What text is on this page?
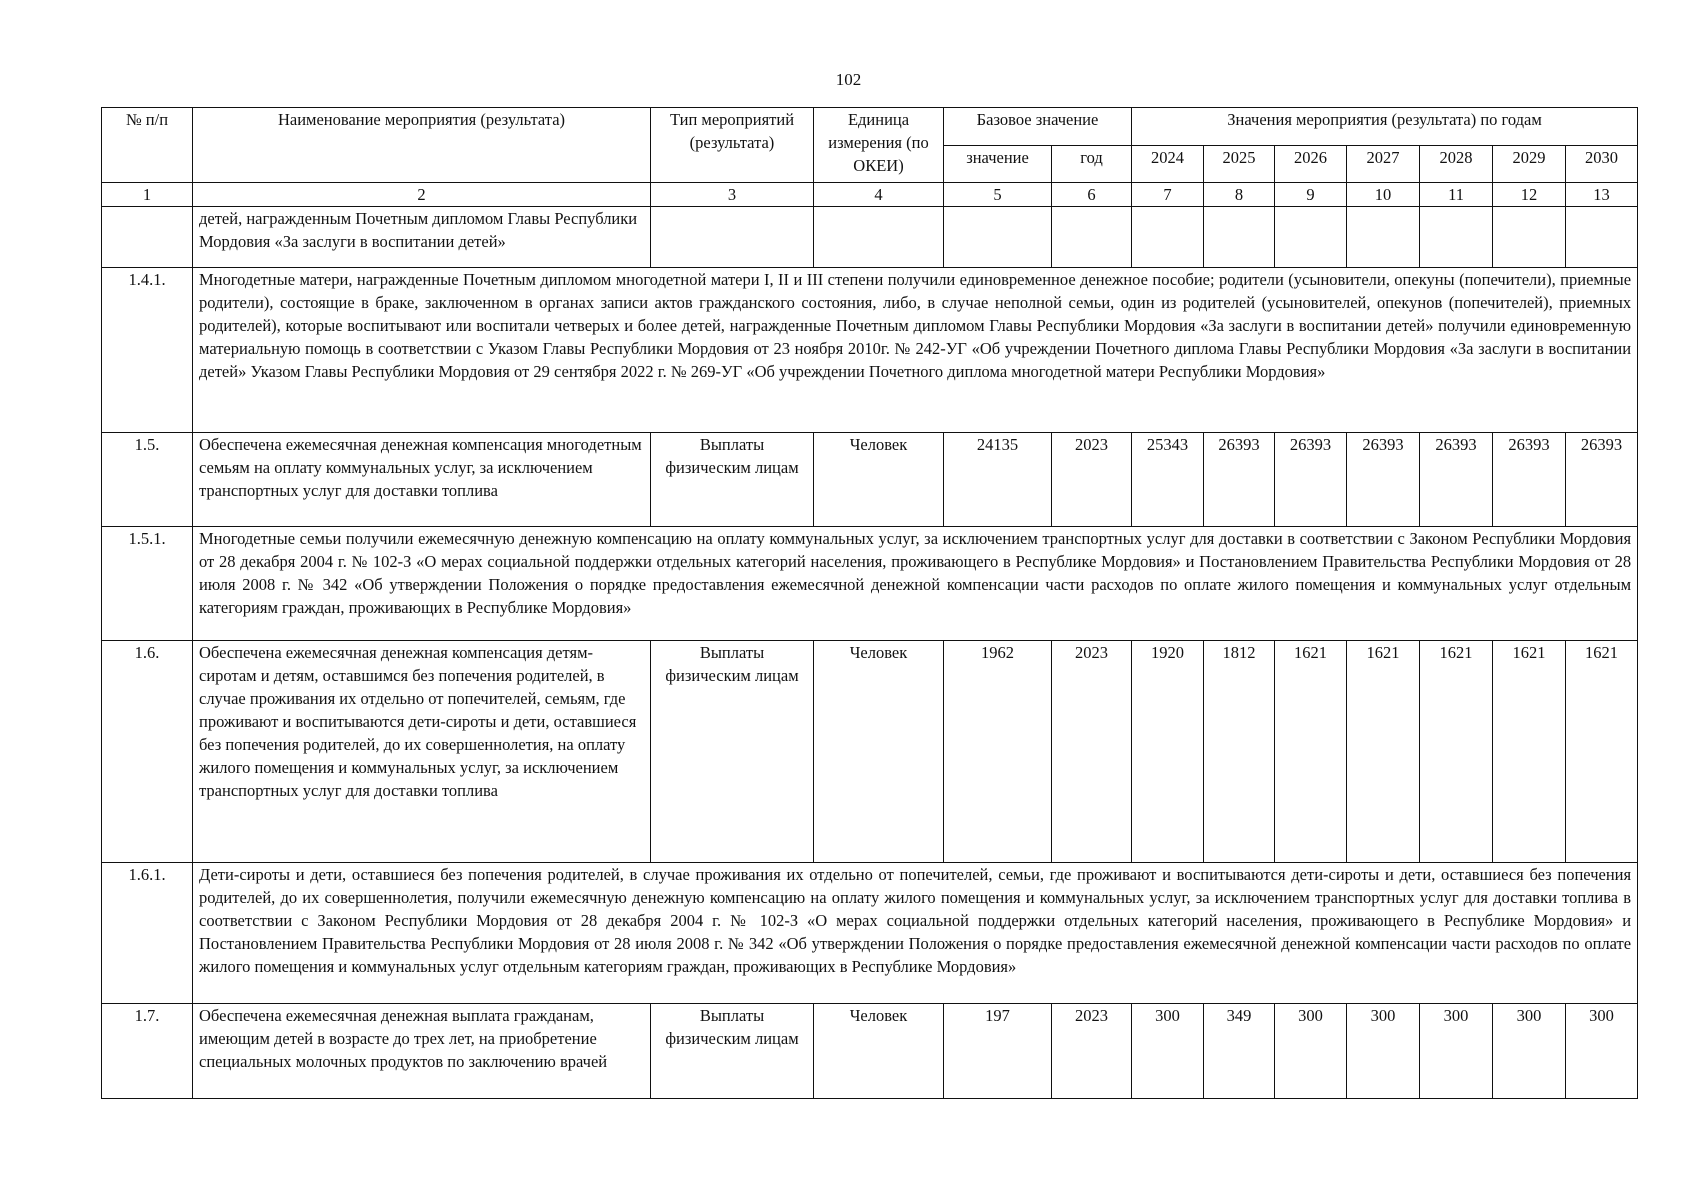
102
№ п/п	Наименование мероприятия (результата)	Тип мероприятий (результата)	Единица измерения (по ОКЕИ)	Базовое значение		Значения мероприятия (результата) по годам						
				значение	год	2024	2025	2026	2027	2028	2029	2030
1	2	3	4	5	6	7	8	9	10	11	12	13
	детей, награжденным Почетным дипломом Главы Республики Мордовия «За заслуги в воспитании детей»											
1.4.1.	Многодетные матери, награжденные Почетным дипломом многодетной матери I, II и III степени получили единовременное денежное пособие; родители (усыновители, опекуны (попечители), приемные родители), состоящие в браке, заключенном в органах записи актов гражданского состояния, либо, в случае неполной семьи, один из родителей (усыновителей, опекунов (попечителей), приемных родителей), которые воспитывают или воспитали четверых и более детей, награжденные Почетным дипломом Главы Республики Мордовия «За заслуги в воспитании детей» получили единовременную материальную помощь в соответствии с Указом Главы Республики Мордовия от 23 ноября 2010г. № 242-УГ «Об учреждении Почетного диплома Главы Республики Мордовия «За заслуги в воспитании детей» Указом Главы Республики Мордовия от 29 сентября 2022 г. № 269-УГ «Об учреждении Почетного диплома многодетной матери Республики Мордовия»											
1.5.	Обеспечена ежемесячная денежная компенсация многодетным семьям на оплату коммунальных услуг, за исключением транспортных услуг для доставки топлива	Выплаты физическим лицам	Человек	24135	2023	25343	26393	26393	26393	26393	26393	26393
1.5.1.	Многодетные семьи получили ежемесячную денежную компенсацию на оплату коммунальных услуг, за исключением транспортных услуг для доставки в соответствии с Законом Республики Мордовия от 28 декабря 2004 г. № 102-З «О мерах социальной поддержки отдельных категорий населения, проживающего в Республике Мордовия» и Постановлением Правительства Республики Мордовия от 28 июля 2008 г. № 342 «Об утверждении Положения о порядке предоставления ежемесячной денежной компенсации части расходов по оплате жилого помещения и коммунальных услуг отдельным категориям граждан, проживающих в Республике Мордовия»											
1.6.	Обеспечена ежемесячная денежная компенсация детям-сиротам и детям, оставшимся без попечения родителей, в случае проживания их отдельно от попечителей, семьям, где проживают и воспитываются дети-сироты и дети, оставшиеся без попечения родителей, до их совершеннолетия, на оплату жилого помещения и коммунальных услуг, за исключением транспортных услуг для доставки топлива	Выплаты физическим лицам	Человек	1962	2023	1920	1812	1621	1621	1621	1621	1621
1.6.1.	Дети-сироты и дети, оставшиеся без попечения родителей, в случае проживания их отдельно от попечителей, семьи, где проживают и воспитываются дети-сироты и дети, оставшиеся без попечения родителей, до их совершеннолетия, получили ежемесячную денежную компенсацию на оплату жилого помещения и коммунальных услуг, за исключением транспортных услуг для доставки топлива в соответствии с Законом Республики Мордовия от 28 декабря 2004 г. № 102-З «О мерах социальной поддержки отдельных категорий населения, проживающего в Республике Мордовия» и Постановлением Правительства Республики Мордовия от 28 июля 2008 г. № 342 «Об утверждении Положения о порядке предоставления ежемесячной денежной компенсации части расходов по оплате жилого помещения и коммунальных услуг отдельным категориям граждан, проживающих в Республике Мордовия»											
1.7.	Обеспечена ежемесячная денежная выплата гражданам, имеющим детей в возрасте до трех лет, на приобретение специальных молочных продуктов по заключению врачей	Выплаты физическим лицам	Человек	197	2023	300	349	300	300	300	300	300
